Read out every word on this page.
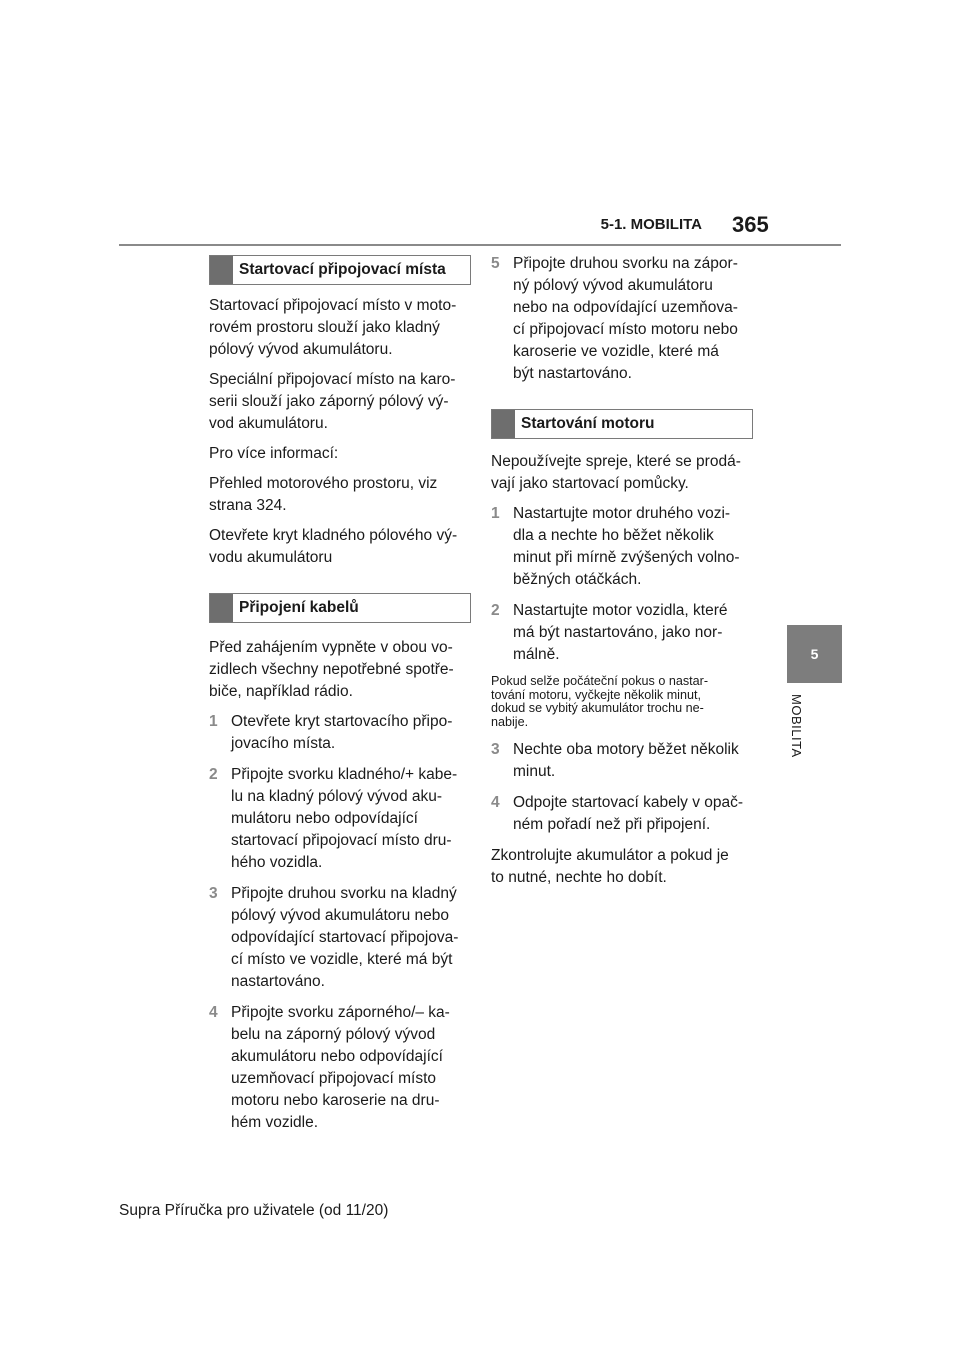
5-1. MOBILITA 365
5
MOBILITA
Startovací připojovací místa
Startovací připojovací místo v moto-
rovém prostoru slouží jako kladný
pólový vývod akumulátoru.
Speciální připojovací místo na karo-
serii slouží jako záporný pólový vý-
vod akumulátoru.
Pro více informací:
Přehled motorového prostoru, viz
strana 324.
Otevřete kryt kladného pólového vý-
vodu akumulátoru
Připojení kabelů
Před zahájením vypněte v obou vo-
zidlech všechny nepotřebné spotře-
biče, například rádio.
1 Otevřete kryt startovacího připo-
jovacího místa.
2 Připojte svorku kladného/+ kabe-
lu na kladný pólový vývod aku-
mulátoru nebo odpovídající
startovací připojovací místo dru-
hého vozidla.
3 Připojte druhou svorku na kladný
pólový vývod akumulátoru nebo
odpovídající startovací připojova-
cí místo ve vozidle, které má být
nastartováno.
4 Připojte svorku záporného/– ka-
belu na záporný pólový vývod
akumulátoru nebo odpovídající
uzemňovací připojovací místo
motoru nebo karoserie na dru-
hém vozidle.
5 Připojte druhou svorku na zápor-
ný pólový vývod akumulátoru
nebo na odpovídající uzemňova-
cí připojovací místo motoru nebo
karoserie ve vozidle, které má
být nastartováno.
Startování motoru
Nepoužívejte spreje, které se prodá-
vají jako startovací pomůcky.
1 Nastartujte motor druhého vozi-
dla a nechte ho běžet několik
minut při mírně zvýšených volno-
běžných otáčkách.
2 Nastartujte motor vozidla, které
má být nastartováno, jako nor-
málně.
Pokud selže počáteční pokus o nastar-
tování motoru, vyčkejte několik minut,
dokud se vybitý akumulátor trochu ne-
nabije.
3 Nechte oba motory běžet několik
minut.
4 Odpojte startovací kabely v opač-
ném pořadí než při připojení.
Zkontrolujte akumulátor a pokud je
to nutné, nechte ho dobít.
Supra Příručka pro uživatele (od 11/20)
